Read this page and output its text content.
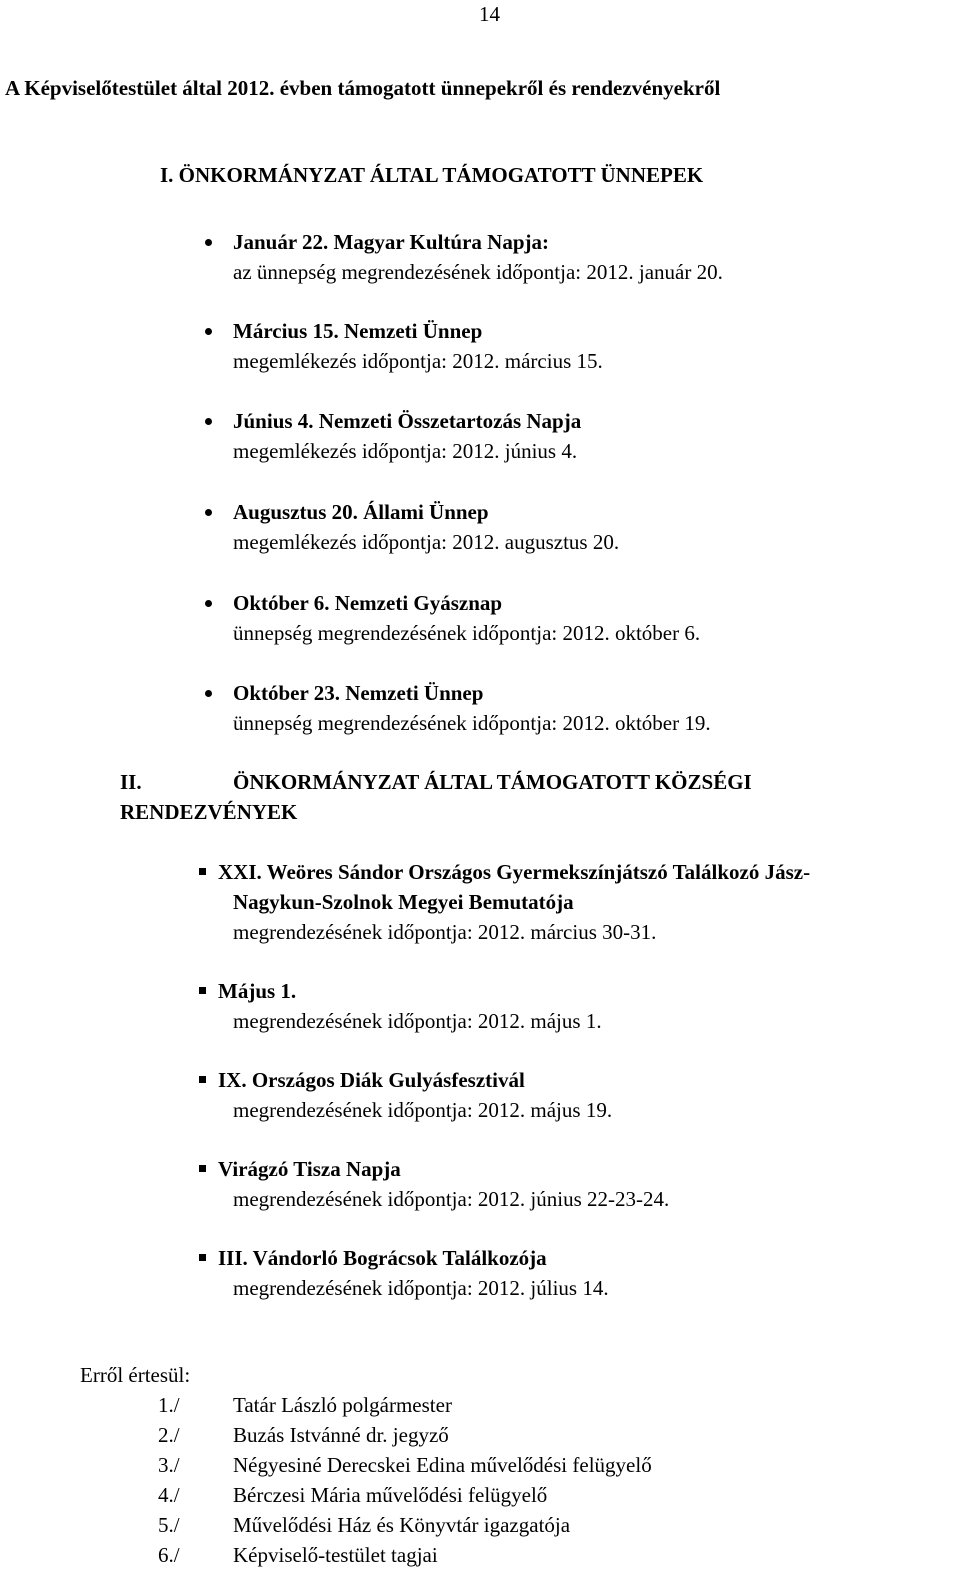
14
A Képviselőtestület által 2012. évben támogatott ünnepekről és rendezvényekről
I. ÖNKORMÁNYZAT ÁLTAL TÁMOGATOTT ÜNNEPEK
Január 22. Magyar Kultúra Napja:
az ünnepség megrendezésének időpontja: 2012. január 20.
Március 15. Nemzeti Ünnep
megemlékezés időpontja: 2012. március 15.
Június 4. Nemzeti Összetartozás Napja
megemlékezés időpontja: 2012. június 4.
Augusztus 20. Állami Ünnep
megemlékezés időpontja: 2012. augusztus 20.
Október 6. Nemzeti Gyásznap
ünnepség megrendezésének időpontja: 2012. október 6.
Október 23. Nemzeti Ünnep
ünnepség megrendezésének időpontja: 2012. október 19.
II.	ÖNKORMÁNYZAT ÁLTAL TÁMOGATOTT KÖZSÉGI
RENDEZVÉNYEK
XXI. Weöres Sándor Országos Gyermekszínjátszó Találkozó Jász-
Nagykun-Szolnok Megyei Bemutatója
megrendezésének időpontja: 2012. március 30-31.
Május 1.
megrendezésének időpontja: 2012. május 1.
IX. Országos Diák Gulyásfesztivál
megrendezésének időpontja: 2012. május 19.
Virágzó Tisza Napja
megrendezésének időpontja: 2012. június 22-23-24.
III. Vándorló Bográcsok Találkozója
megrendezésének időpontja: 2012. július 14.
Erről értesül:
1./	Tatár László polgármester
2./	Buzás Istvánné dr. jegyző
3./	Négyesiné Derecskei Edina művelődési felügyelő
4./	Bérczesi Mária művelődési felügyelő
5./	Művelődési Ház és Könyvtár igazgatója
6./	Képviselő-testület tagjai
